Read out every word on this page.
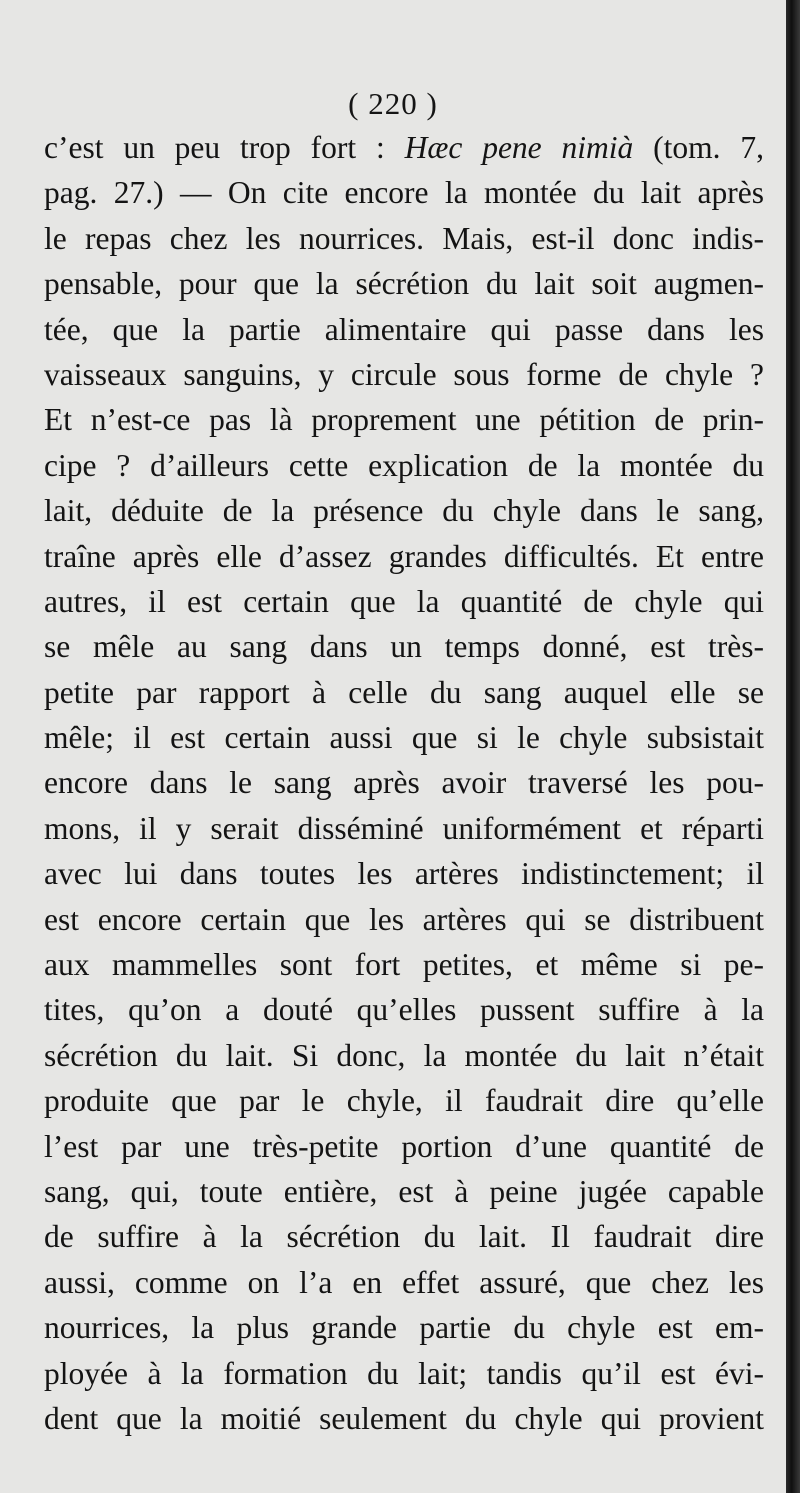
( 220 )
c’est un peu trop fort : Hæc pene nimià (tom. 7,
pag. 27.) — On cite encore la montée du lait après
le repas chez les nourrices. Mais, est-il donc indis-
pensable, pour que la sécrétion du lait soit augmen-
tée, que la partie alimentaire qui passe dans les
vaisseaux sanguins, y circule sous forme de chyle ?
Et n’est-ce pas là proprement une pétition de prin-
cipe ? d’ailleurs cette explication de la montée du
lait, déduite de la présence du chyle dans le sang,
traîne après elle d’assez grandes difficultés. Et entre
autres, il est certain que la quantité de chyle qui
se mêle au sang dans un temps donné, est très-
petite par rapport à celle du sang auquel elle se
mêle; il est certain aussi que si le chyle subsistait
encore dans le sang après avoir traversé les pou-
mons, il y serait disséminé uniformément et réparti
avec lui dans toutes les artères indistinctement; il
est encore certain que les artères qui se distribuent
aux mammelles sont fort petites, et même si pe-
tites, qu’on a douté qu’elles pussent suffire à la
sécrétion du lait. Si donc, la montée du lait n’était
produite que par le chyle, il faudrait dire qu’elle
l’est par une très-petite portion d’une quantité de
sang, qui, toute entière, est à peine jugée capable
de suffire à la sécrétion du lait. Il faudrait dire
aussi, comme on l’a en effet assuré, que chez les
nourrices, la plus grande partie du chyle est em-
ployée à la formation du lait; tandis qu’il est évi-
dent que la moitié seulement du chyle qui provient
